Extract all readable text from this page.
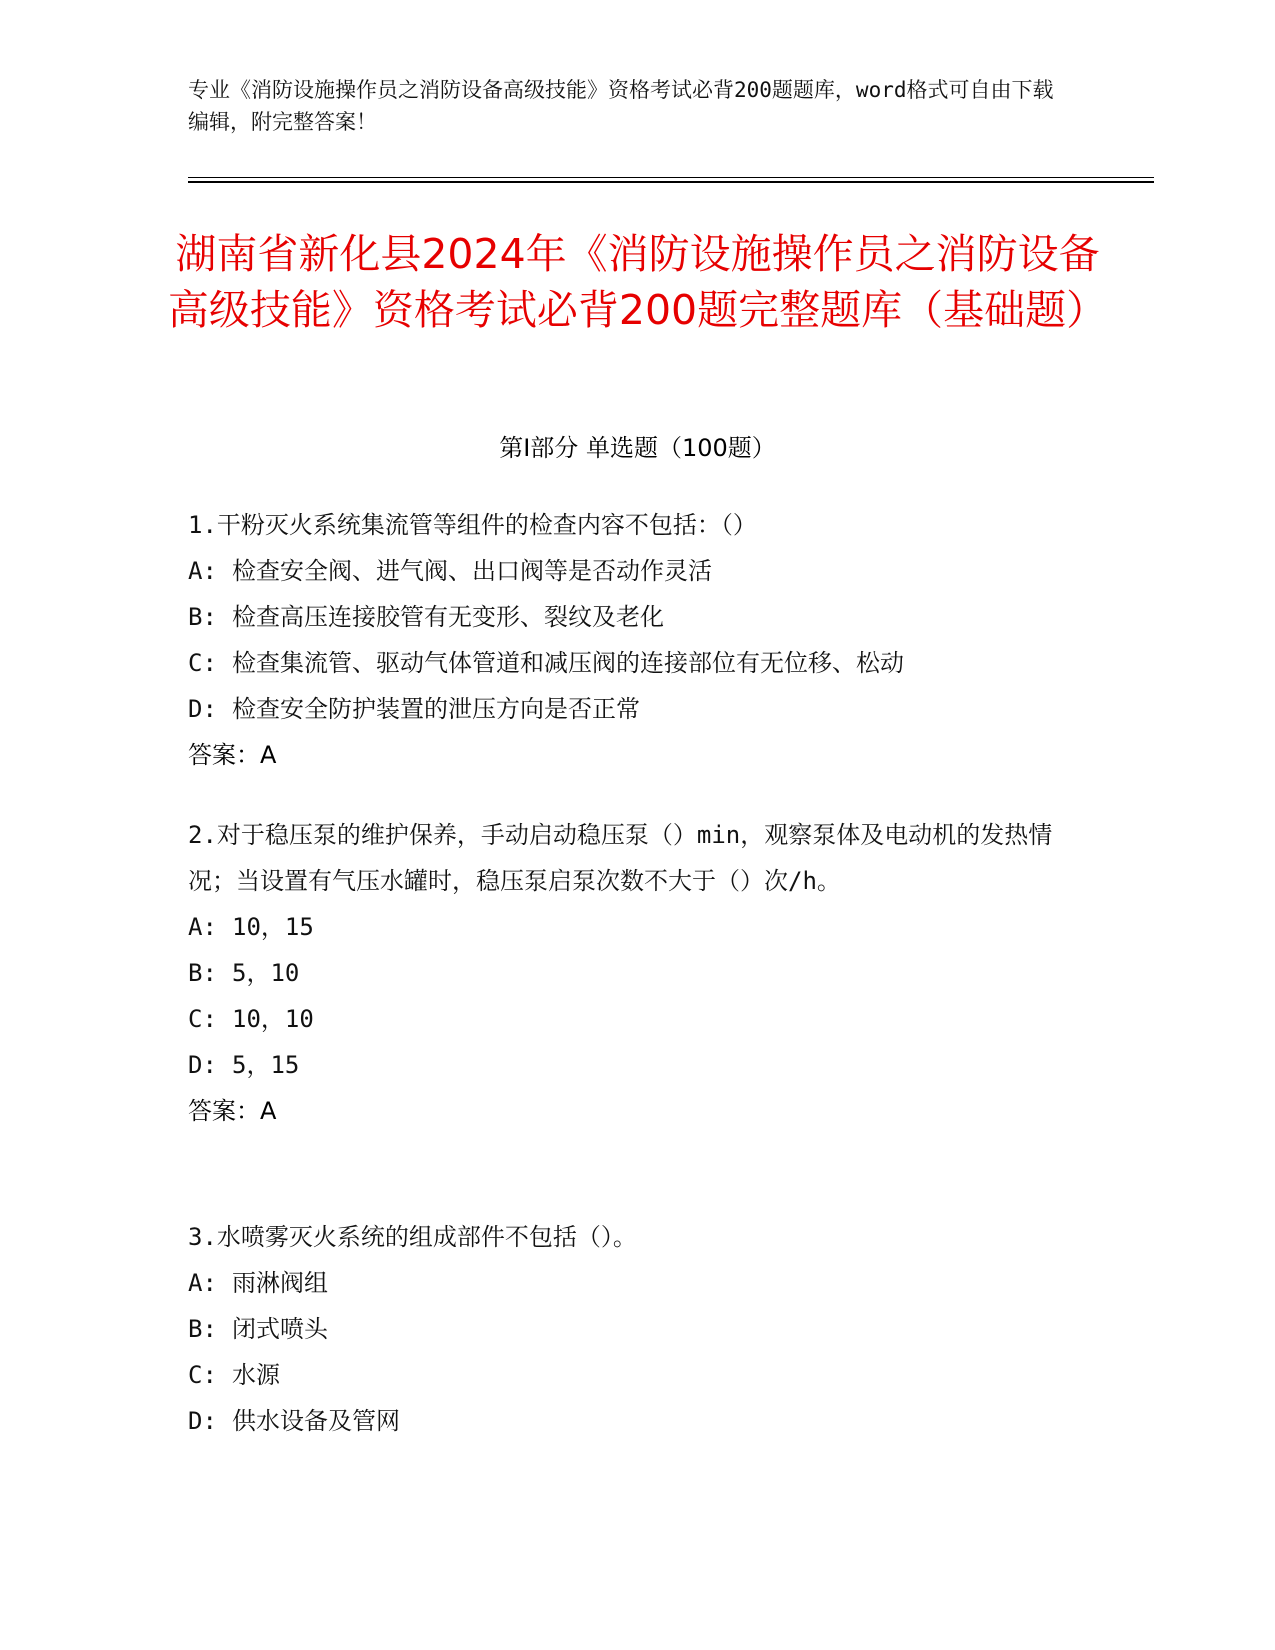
专业《消防设施操作员之消防设备高级技能》资格考试必背200题题库，word格式可自由下载编辑，附完整答案！
湖南省新化县2024年《消防设施操作员之消防设备高级技能》资格考试必背200题完整题库（基础题）
第Ⅰ部分 单选题（100题）
1.干粉灭火系统集流管等组件的检查内容不包括：（）
A: 检查安全阀、进气阀、出口阀等是否动作灵活
B: 检查高压连接胶管有无变形、裂纹及老化
C: 检查集流管、驱动气体管道和减压阀的连接部位有无位移、松动
D: 检查安全防护装置的泄压方向是否正常
答案：A
2.对于稳压泵的维护保养，手动启动稳压泵（）min，观察泵体及电动机的发热情况；当设置有气压水罐时，稳压泵启泵次数不大于（）次/h。
A: 10，15
B: 5，10
C: 10，10
D: 5，15
答案：A
3.水喷雾灭火系统的组成部件不包括（）。
A: 雨淋阀组
B: 闭式喷头
C: 水源
D: 供水设备及管网
